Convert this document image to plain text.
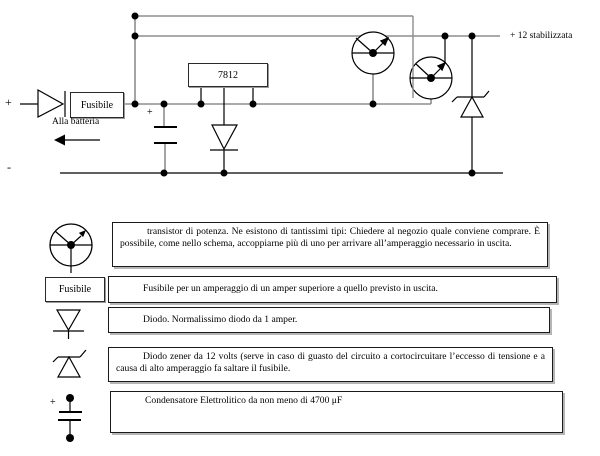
Fusibile
7812
+
Alla batteria
+
-
+ 12 stabilizzata

transistor di potenza. Ne esistono di tantissimi tipi: Chiedere al negozio quale conviene comprare. È possibile, come nello schema, accoppiarne più di uno per arrivare all’amperaggio necessario in uscita.

Fusibile	Fusibile per un amperaggio di un amper superiore a quello previsto in uscita.

Diodo. Normalissimo diodo da 1 amper.

Diodo zener da 12 volts (serve in caso di guasto del circuito a cortocircuitare l’eccesso di tensione e a causa di alto amperaggio fa saltare il fusibile.

+	Condensatore Elettrolitico da non meno di 4700 μF
